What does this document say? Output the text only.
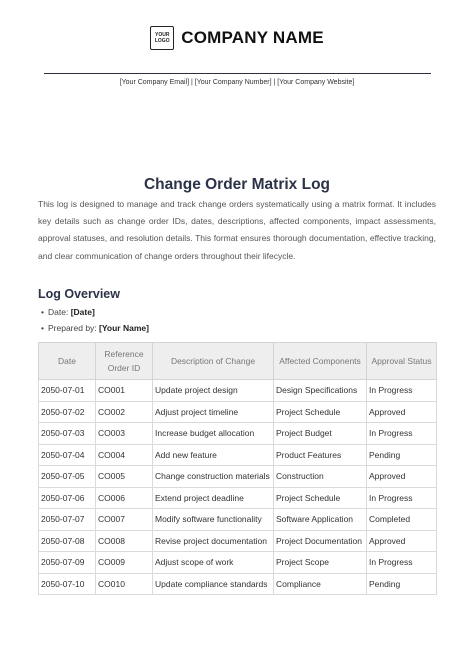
YOUR
LOGO COMPANY NAME
[Your Company Email] | [Your Company Number] | [Your Company Website]
Change Order Matrix Log

This log is designed to manage and track change orders systematically using a matrix format. It includes key details such as change order IDs, dates, descriptions, affected components, impact assessments, approval statuses, and resolution details. This format ensures thorough documentation, effective tracking, and clear communication of change orders throughout their lifecycle.

Log Overview
• Date: [Date]
• Prepared by: [Your Name]
Date	Reference Order ID	Description of Change	Affected Components	Approval Status
2050-07-01	CO001	Update project design	Design Specifications	In Progress
2050-07-02	CO002	Adjust project timeline	Project Schedule	Approved
2050-07-03	CO003	Increase budget allocation	Project Budget	In Progress
2050-07-04	CO004	Add new feature	Product Features	Pending
2050-07-05	CO005	Change construction materials	Construction	Approved
2050-07-06	CO006	Extend project deadline	Project Schedule	In Progress
2050-07-07	CO007	Modify software functionality	Software Application	Completed
2050-07-08	CO008	Revise project documentation	Project Documentation	Approved
2050-07-09	CO009	Adjust scope of work	Project Scope	In Progress
2050-07-10	CO010	Update compliance standards	Compliance	Pending
